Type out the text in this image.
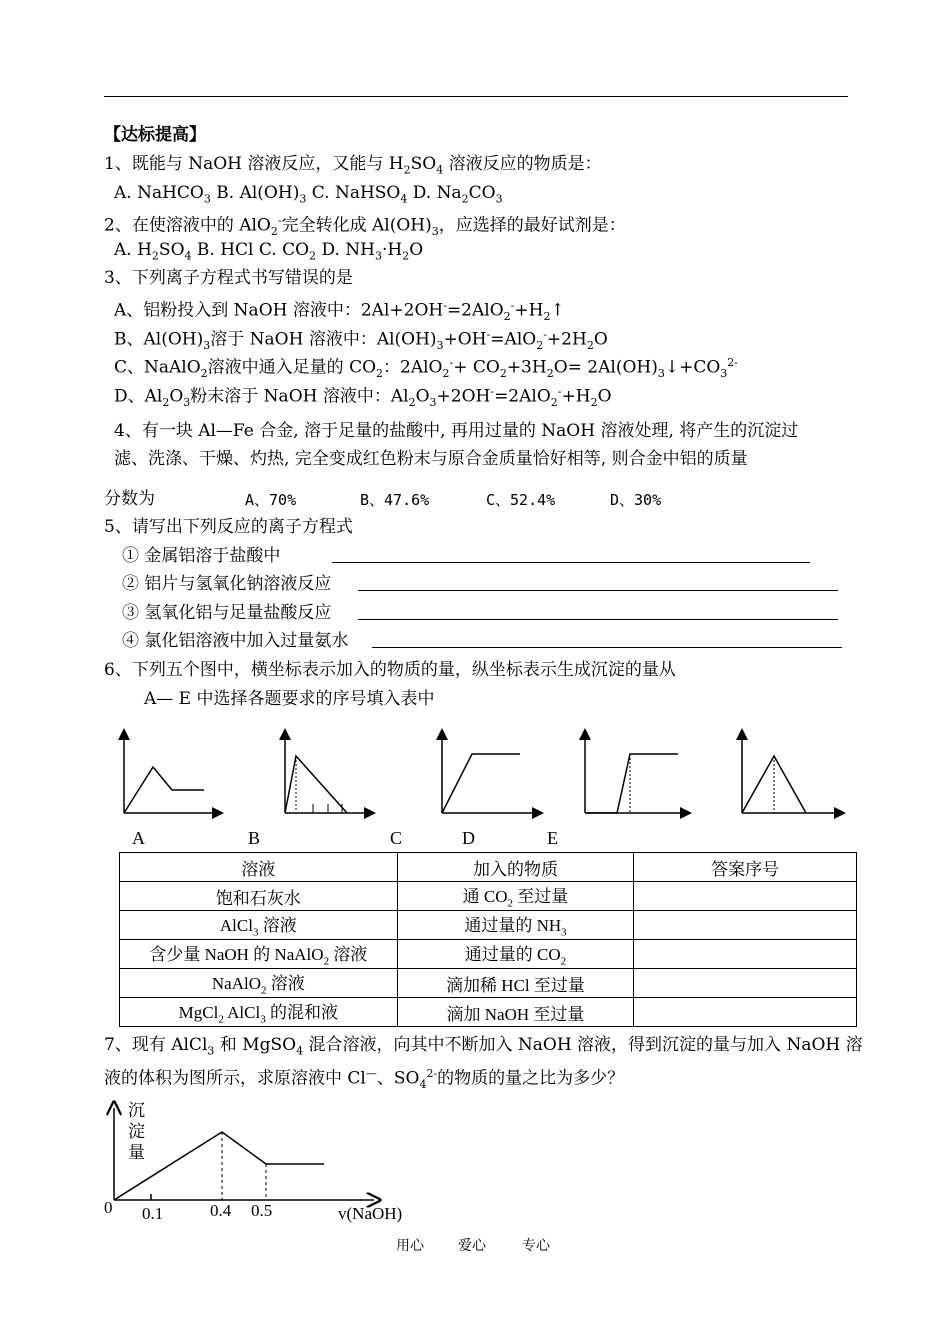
【达标提高】
1、既能与 NaOH 溶液反应，又能与 $H_2SO_4$ 溶液反应的物质是：
A. NaHCO$_3$ B. $Al(OH)_3$ C. NaHSO$_4$ D. $Na_2CO_3$
2、在使溶液中的 AlO$_2$-完全转化成 $Al(OH)_3$，应选择的最好试剂是：
A. $H_2SO_4$ B. HCl C. $CO_2$ D. $NH_3\cdot H_2O$
3、下列离子方程式书写错误的是
A、铝粉投入到 NaOH 溶液中：$2Al+2OH^-=2AlO_2^-+H_2↑$
B、$Al(OH)_3$溶于 NaOH 溶液中：$Al(OH)_3+OH^-=AlO_2^-+2H_2O$
C、NaAlO$_2$溶液中通入足量的 $CO_2$：$2AlO_2^-+ CO_2+3H_2O=$ $2Al(OH)_3↓+CO_3^{2-}$
D、$Al_2O_3$粉末溶于 NaOH 溶液中：$Al_2O_3+2OH^-=2AlO_2^-+H_2O$
4、有一块 Al—Fe 合金, 溶于足量的盐酸中, 再用过量的 NaOH 溶液处理, 将产生的沉淀过
滤、洗涤、干燥、灼热, 完全变成红色粉末与原合金质量恰好相等, 则合金中铝的质量
分数为	A、70%	B、47.6%	C、52.4%	D、30%
5、请写出下列反应的离子方程式
① 金属铝溶于盐酸中
② 铝片与氢氧化钠溶液反应
③ 氢氧化铝与足量盐酸反应
④ 氯化铝溶液中加入过量氨水
6、下列五个图中，横坐标表示加入的物质的量，纵坐标表示生成沉淀的量从
A— E 中选择各题要求的序号填入表中
A	B	C	D	E
溶液	加入的物质	答案序号
饱和石灰水	通 $CO_2$ 至过量	
AlCl$_3$ 溶液	通过量的 $NH_3$	
含少量 NaOH 的 NaAlO$_2$ 溶液	通过量的 $CO_2$	
NaAlO$_2$ 溶液	滴加稀 HCl 至过量	
MgCl$_2$ AlCl$_3$ 的混和液	滴加 NaOH 至过量	
7、现有 AlCl$_3$ 和 MgSO$_4$ 混合溶液，向其中不断加入 NaOH 溶液，得到沉淀的量与加入 NaOH 溶
液的体积为图所示，求原溶液中 Cl—、$SO_4^{2-}$的物质的量之比为多少？
沉
淀
量
0 0.1	0.4 0.5	v(NaOH)
用心 爱心	专心
